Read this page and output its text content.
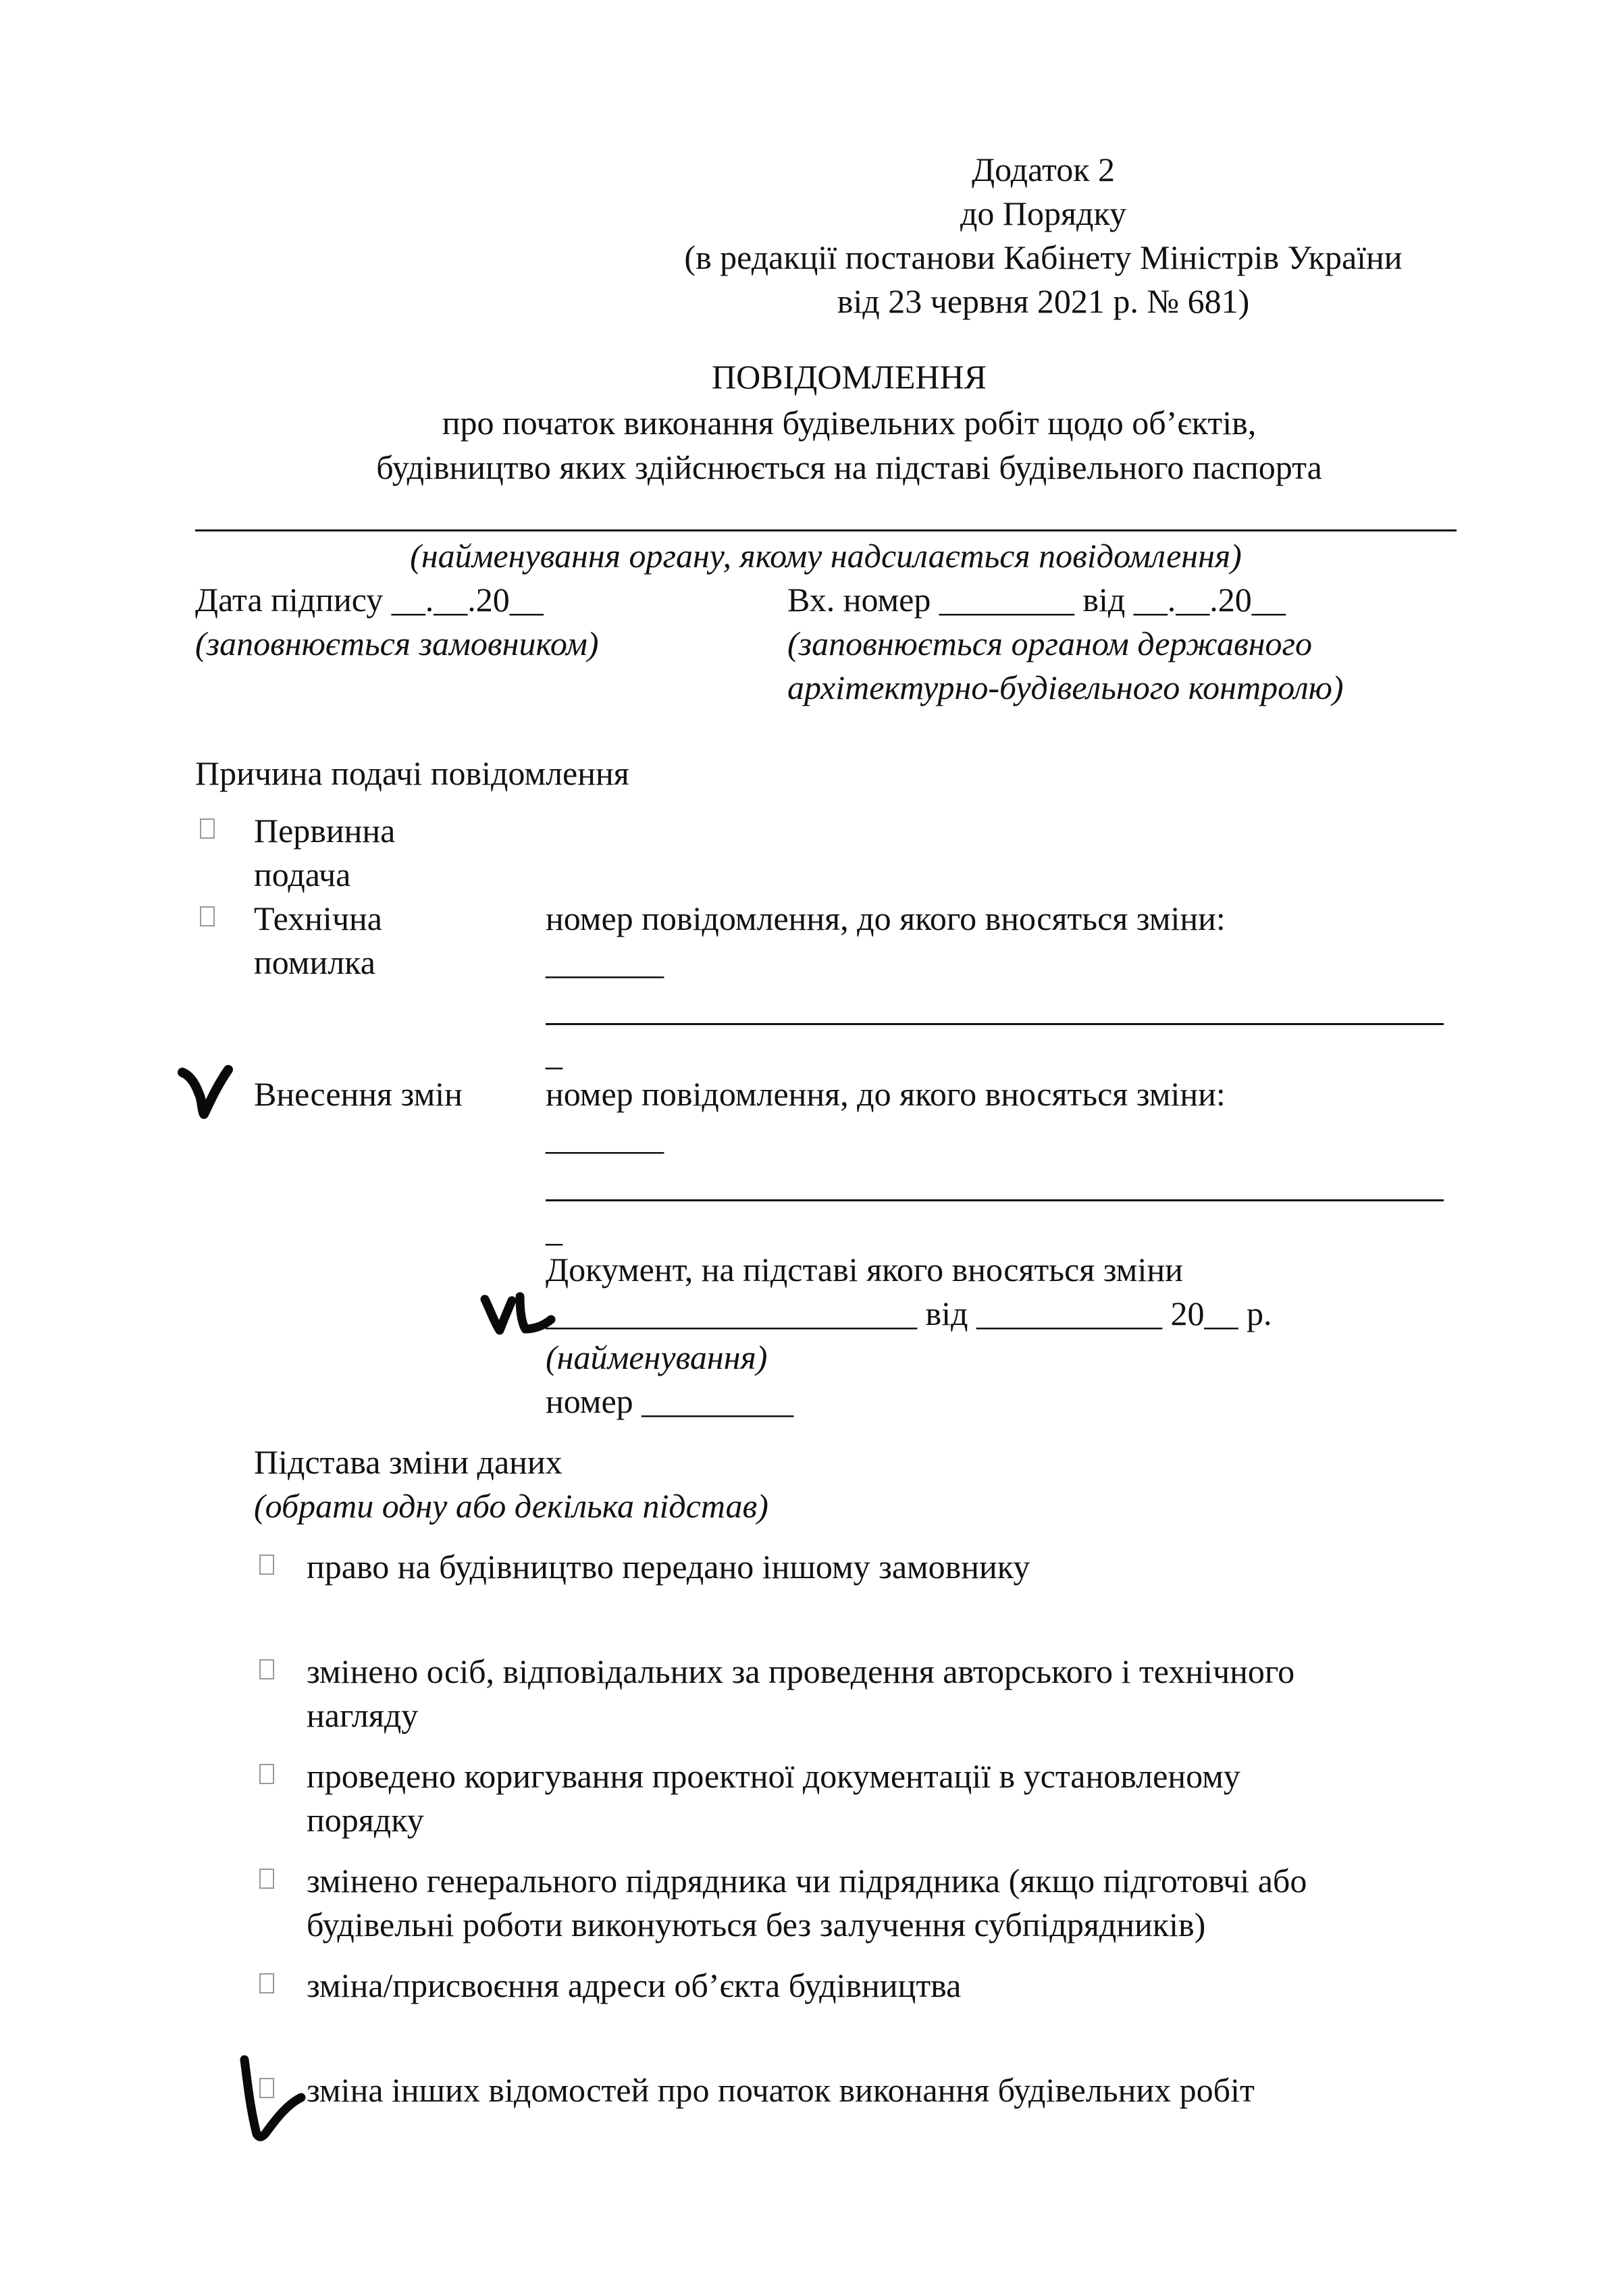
Додаток 2
до Порядку
(в редакції постанови Кабінету Міністрів України
від 23 червня 2021 р. № 681)
ПОВІДОМЛЕННЯ
про початок виконання будівельних робіт щодо об’єктів,
будівництво яких здійснюється на підставі будівельного паспорта
(найменування органу, якому надсилається повідомлення)
Дата підпису __.__.20__
(заповнюється замовником)
Вх. номер ________ від __.__.20__
(заповнюється органом державного
архітектурно-будівельного контролю)
Причина подачі повідомлення
Первинна
подача
Технічна
помилка
номер повідомлення, до якого вносяться зміни:
_______
_
Внесення змін номер повідомлення, до якого вносяться зміни:
_______
_
Документ, на підставі якого вносяться зміни
______________________ від ___________ 20__ р.
(найменування)
номер _________
Підстава зміни даних
(обрати одну або декілька підстав)
право на будівництво передано іншому замовнику
змінено осіб, відповідальних за проведення авторського і технічного
нагляду
проведено коригування проектної документації в установленому
порядку
змінено генерального підрядника чи підрядника (якщо підготовчі або
будівельні роботи виконуються без залучення субпідрядників)
зміна/присвоєння адреси об’єкта будівництва
зміна інших відомостей про початок виконання будівельних робіт
